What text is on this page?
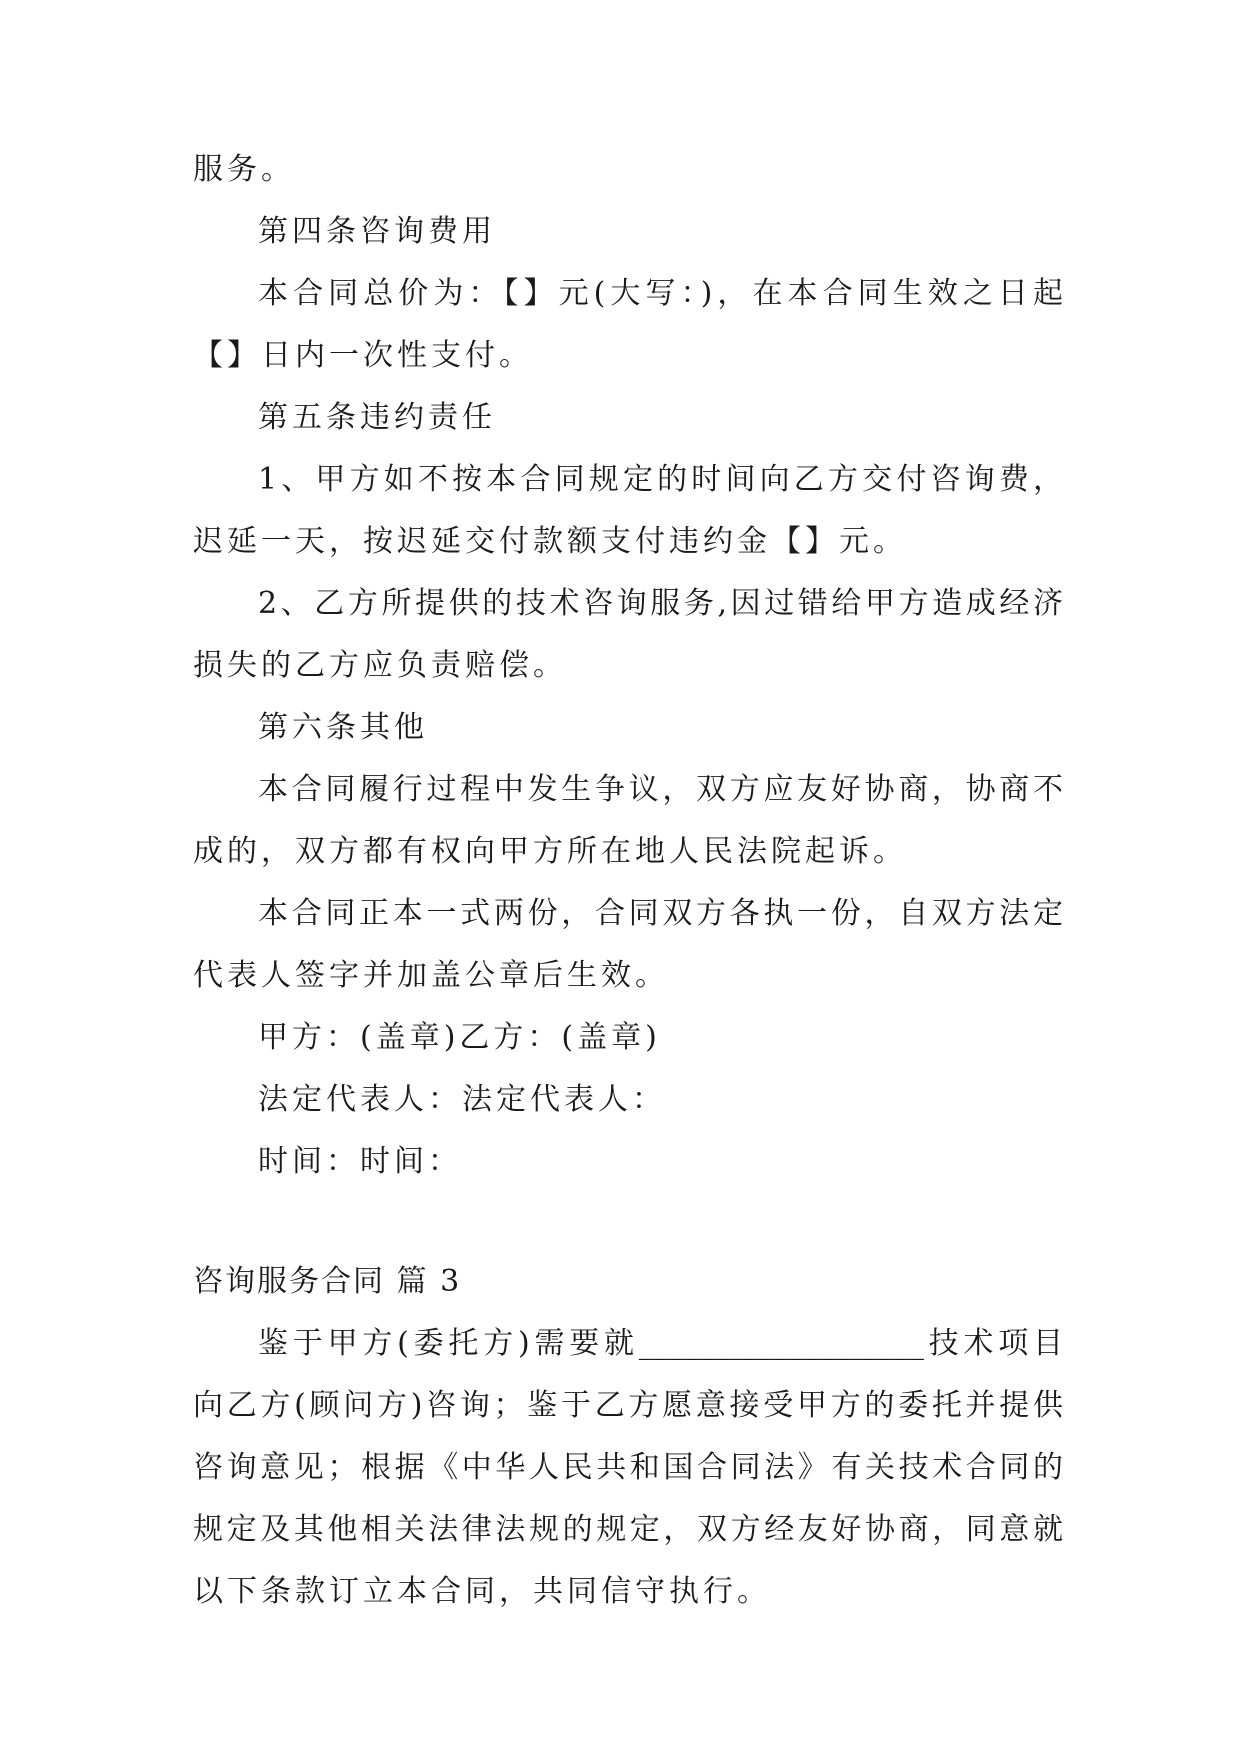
服务。
第四条咨询费用
本合同总价为：【】元(大写：)，在本合同生效之日起
【】日内一次性支付。
第五条违约责任
1、甲方如不按本合同规定的时间向乙方交付咨询费，
迟延一天，按迟延交付款额支付违约金【】元。
2、乙方所提供的技术咨询服务,因过错给甲方造成经济
损失的乙方应负责赔偿。
第六条其他
本合同履行过程中发生争议，双方应友好协商，协商不
成的，双方都有权向甲方所在地人民法院起诉。
本合同正本一式两份，合同双方各执一份，自双方法定
代表人签字并加盖公章后生效。
甲方：(盖章)乙方：(盖章)
法定代表人：法定代表人：
时间：时间：
咨询服务合同 篇 3
鉴于甲方(委托方)需要就___________________技术项目
向乙方(顾问方)咨询；鉴于乙方愿意接受甲方的委托并提供
咨询意见；根据《中华人民共和国合同法》有关技术合同的
规定及其他相关法律法规的规定，双方经友好协商，同意就
以下条款订立本合同，共同信守执行。
